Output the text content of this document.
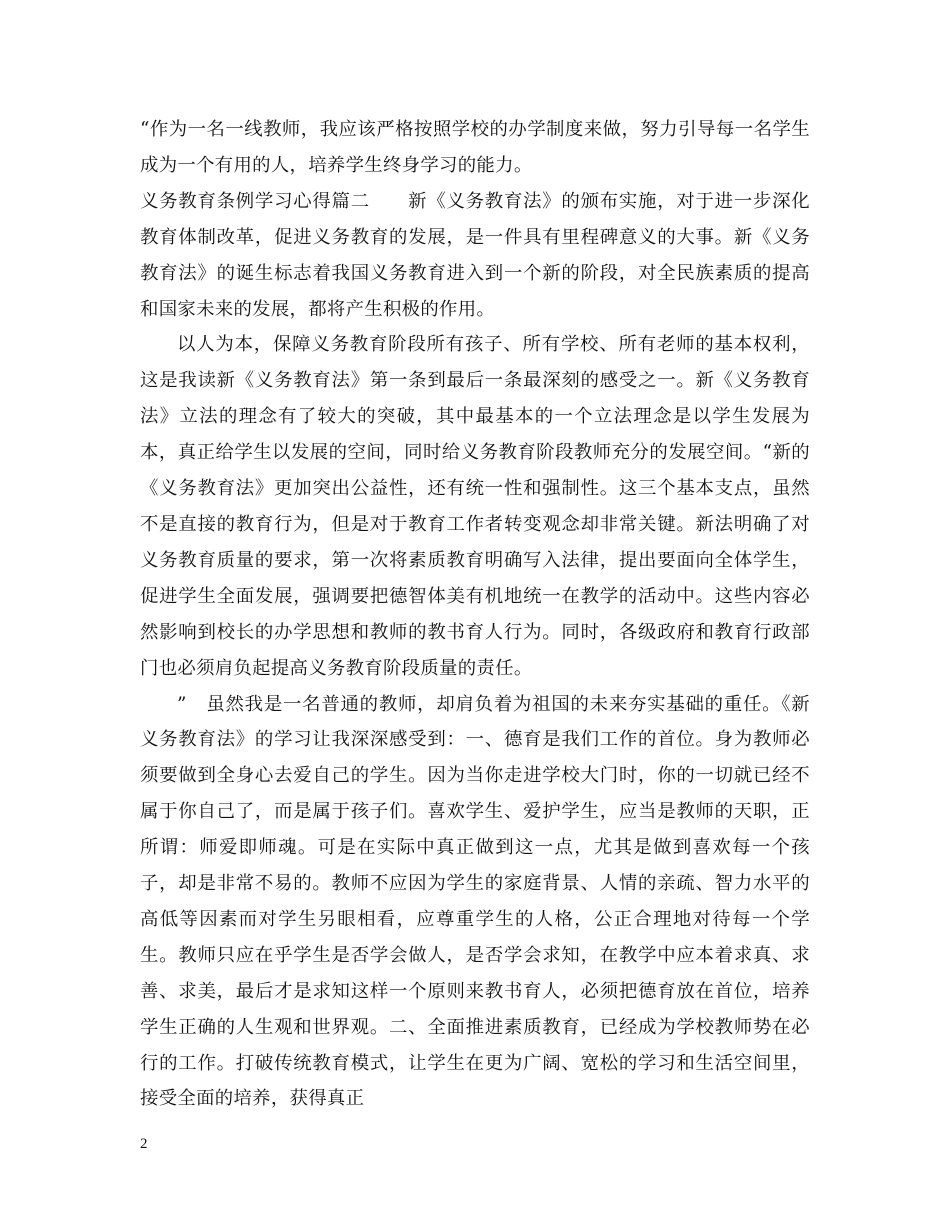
“作为一名一线教师，我应该严格按照学校的办学制度来做，努力引导每一名学生成为一个有用的人，培养学生终身学习的能力。

义务教育条例学习心得篇二　　新《义务教育法》的颁布实施，对于进一步深化教育体制改革，促进义务教育的发展，是一件具有里程碑意义的大事。新《义务教育法》的诞生标志着我国义务教育进入到一个新的阶段，对全民族素质的提高和国家未来的发展，都将产生积极的作用。

以人为本，保障义务教育阶段所有孩子、所有学校、所有老师的基本权利，这是我读新《义务教育法》第一条到最后一条最深刻的感受之一。新《义务教育法》立法的理念有了较大的突破，其中最基本的一个立法理念是以学生发展为本，真正给学生以发展的空间，同时给义务教育阶段教师充分的发展空间。“新的《义务教育法》更加突出公益性，还有统一性和强制性。这三个基本支点，虽然不是直接的教育行为，但是对于教育工作者转变观念却非常关键。新法明确了对义务教育质量的要求，第一次将素质教育明确写入法律，提出要面向全体学生，促进学生全面发展，强调要把德智体美有机地统一在教学的活动中。这些内容必然影响到校长的办学思想和教师的教书育人行为。同时，各级政府和教育行政部门也必须肩负起提高义务教育阶段质量的责任。

”　虽然我是一名普通的教师，却肩负着为祖国的未来夯实基础的重任。《新义务教育法》的学习让我深深感受到：一、德育是我们工作的首位。身为教师必须要做到全身心去爱自己的学生。因为当你走进学校大门时，你的一切就已经不属于你自己了，而是属于孩子们。喜欢学生、爱护学生，应当是教师的天职，正所谓：师爱即师魂。可是在实际中真正做到这一点，尤其是做到喜欢每一个孩子，却是非常不易的。教师不应因为学生的家庭背景、人情的亲疏、智力水平的高低等因素而对学生另眼相看，应尊重学生的人格，公正合理地对待每一个学生。教师只应在乎学生是否学会做人，是否学会求知，在教学中应本着求真、求善、求美，最后才是求知这样一个原则来教书育人，必须把德育放在首位，培养学生正确的人生观和世界观。二、全面推进素质教育，已经成为学校教师势在必行的工作。打破传统教育模式，让学生在更为广阔、宽松的学习和生活空间里，接受全面的培养，获得真正

2
